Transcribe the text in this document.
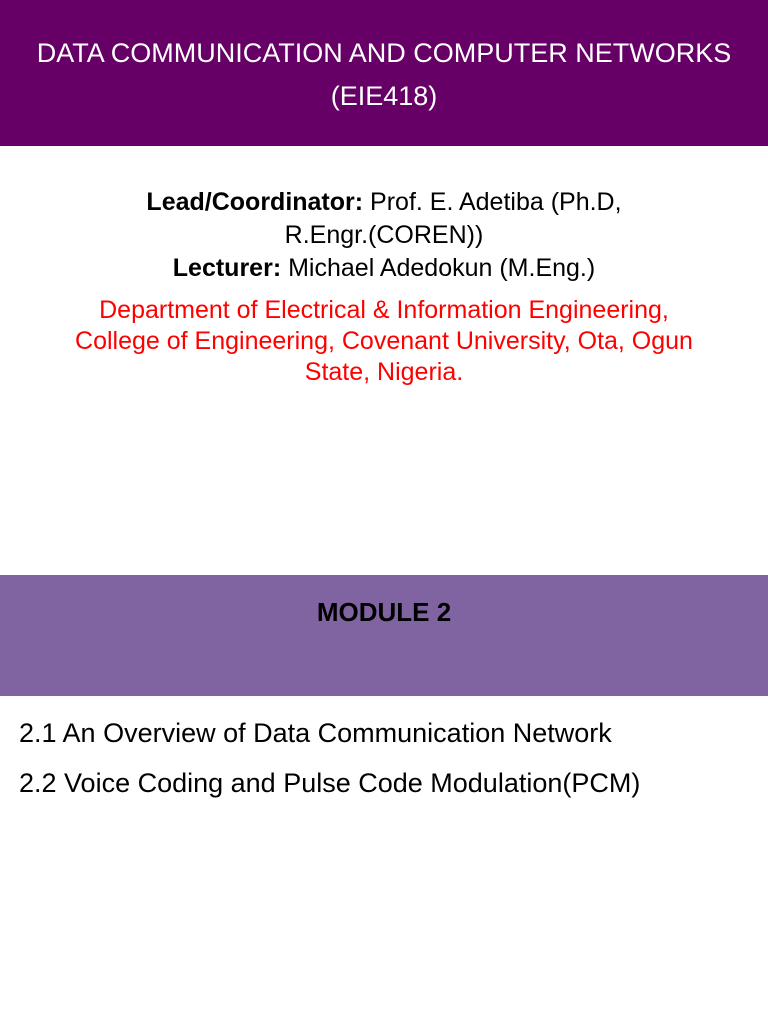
DATA COMMUNICATION AND COMPUTER NETWORKS
(EIE418)
Lead/Coordinator: Prof. E. Adetiba (Ph.D,
R.Engr.(COREN))
Lecturer: Michael Adedokun (M.Eng.)
Department of Electrical & Information Engineering,
College of Engineering, Covenant University, Ota, Ogun
State, Nigeria.
MODULE 2
2.1 An Overview of Data Communication Network
2.2 Voice Coding and Pulse Code Modulation(PCM)
